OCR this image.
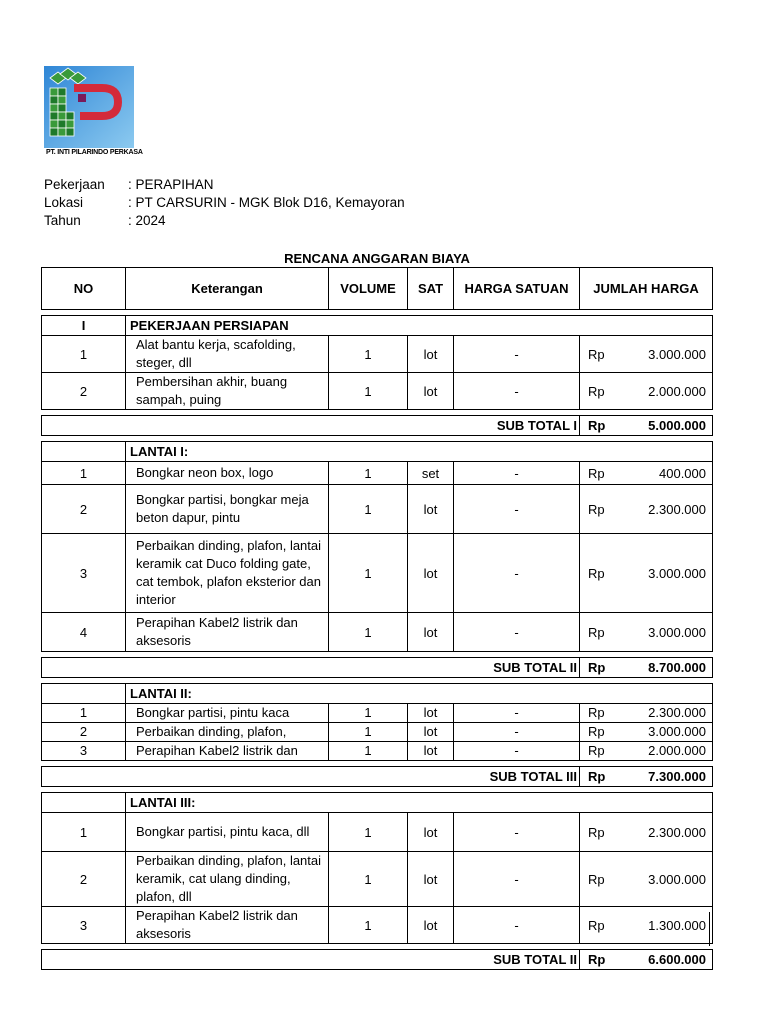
PT. INTI PILARINDO PERKASA
Pekerjaan	: PERAPIHAN
Lokasi	: PT CARSURIN - MGK Blok D16, Kemayoran
Tahun	: 2024
RENCANA ANGGARAN BIAYA
NO	Keterangan	VOLUME	SAT	HARGA SATUAN	JUMLAH HARGA

I	PEKERJAAN PERSIAPAN				
1	Alat bantu kerja, scafolding, steger, dll	1	lot	-	Rp 3.000.000

2	Pembersihan akhir, buang sampah, puing	1	lot	-	Rp 2.000.000

SUB TOTAL I					Rp 5.000.000

	LANTAI I:				
1	Bongkar neon box, logo	1	set	-	Rp 400.000

2	Bongkar partisi, bongkar meja beton dapur, pintu	1	lot	-	Rp 2.300.000

3	Perbaikan dinding, plafon, lantai keramik cat Duco folding gate, cat tembok, plafon eksterior dan interior	1	lot	-	Rp 3.000.000

4	Perapihan Kabel2 listrik dan aksesoris	1	lot	-	Rp 3.000.000

SUB TOTAL II					Rp 8.700.000

	LANTAI II:				
1	Bongkar partisi, pintu kaca	1	lot	-	Rp 2.300.000

2	Perbaikan dinding, plafon,	1	lot	-	Rp 3.000.000

3	Perapihan Kabel2 listrik dan	1	lot	-	Rp 2.000.000

SUB TOTAL III					Rp 7.300.000

	LANTAI III:				
1	Bongkar partisi, pintu kaca, dll	1	lot	-	Rp 2.300.000

2	Perbaikan dinding, plafon, lantai keramik, cat ulang dinding, plafon, dll	1	lot	-	Rp 3.000.000

3	Perapihan Kabel2 listrik dan aksesoris	1	lot	-	Rp 1.300.000

SUB TOTAL II					Rp 6.600.000
